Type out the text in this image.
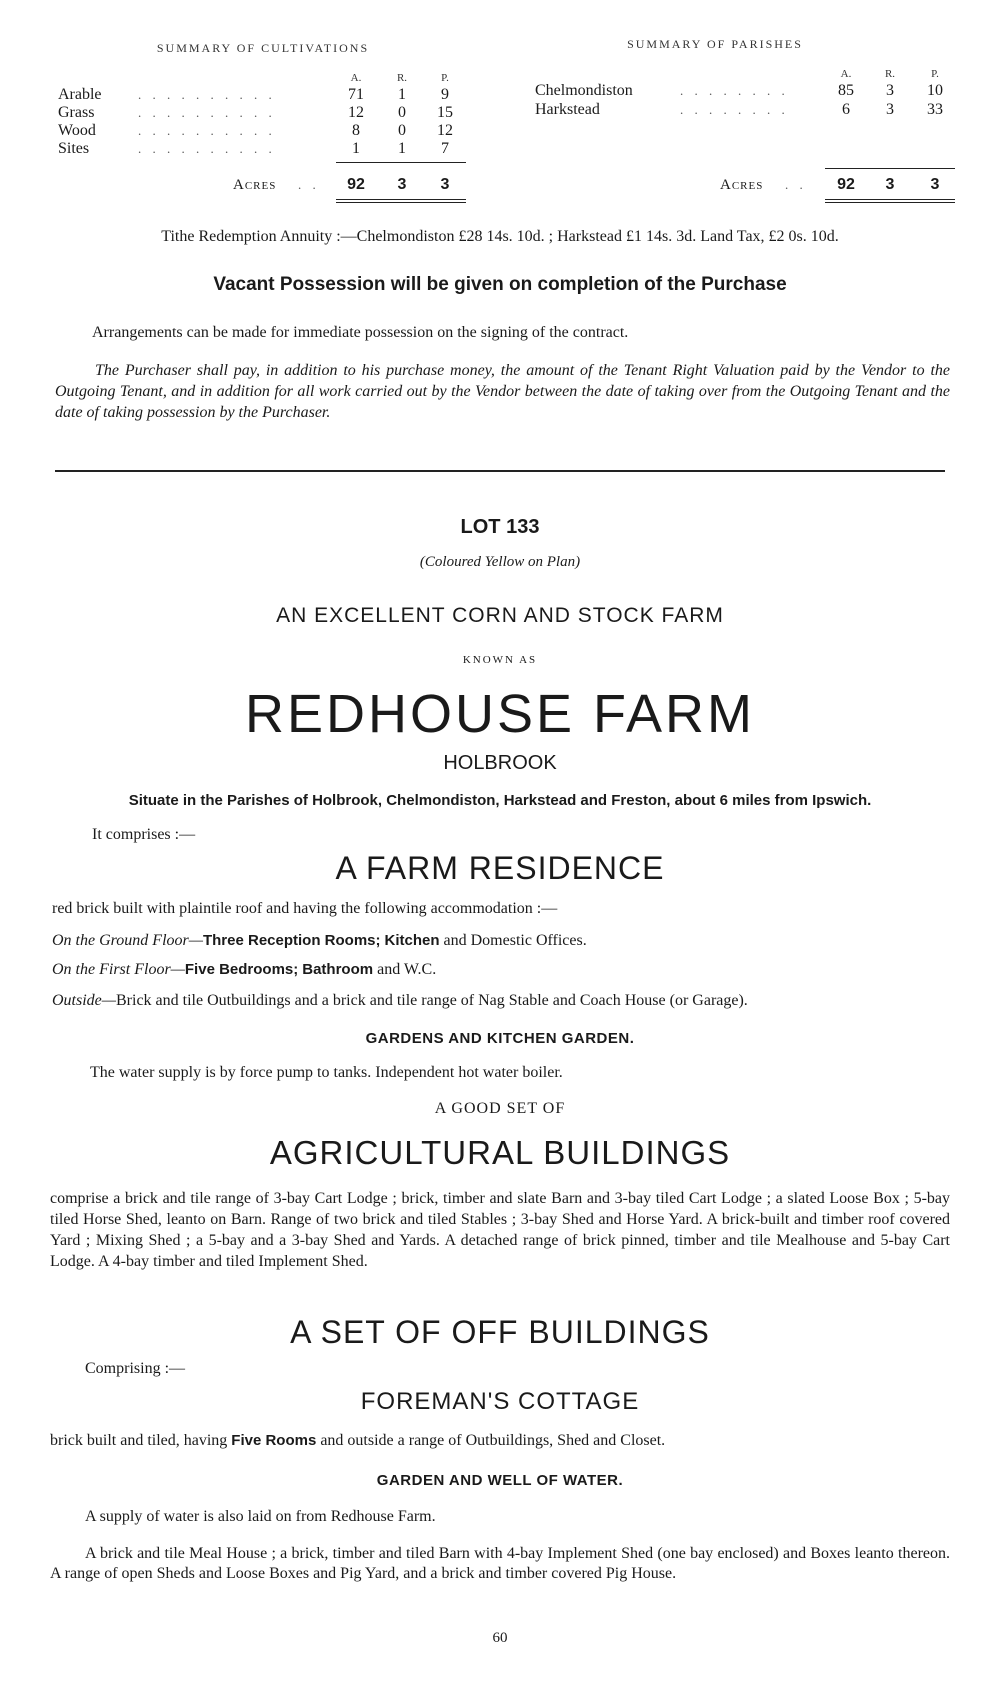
SUMMARY OF CULTIVATIONS
A.	R.	P.
Arable	. . . . . . . . . .	71	1	9
Grass	. . . . . . . . . .	12	0	15
Wood	. . . . . . . . . .	8	0	12
Sites	. . . . . . . . . .	1	1	7
Acres . .	92	3	3
SUMMARY OF PARISHES
A.	R.	P.
Chelmondiston	. . . . . . . .	85	3	10
Harkstead	. . . . . . . .	6	3	33
Acres . .	92	3	3
Tithe Redemption Annuity :—Chelmondiston £28 14s. 10d. ; Harkstead £1 14s. 3d. Land Tax, £2 0s. 10d.
Vacant Possession will be given on completion of the Purchase
Arrangements can be made for immediate possession on the signing of the contract.

The Purchaser shall pay, in addition to his purchase money, the amount of the Tenant Right Valuation paid by the Vendor to the Outgoing Tenant, and in addition for all work carried out by the Vendor between the date of taking over from the Outgoing Tenant and the date of taking possession by the Purchaser.

LOT 133
(Coloured Yellow on Plan)
AN EXCELLENT CORN AND STOCK FARM
KNOWN AS
REDHOUSE FARM
HOLBROOK
Situate in the Parishes of Holbrook, Chelmondiston, Harkstead and Freston, about 6 miles from Ipswich.
It comprises :—
A FARM RESIDENCE
red brick built with plaintile roof and having the following accommodation :—
On the Ground Floor—Three Reception Rooms; Kitchen and Domestic Offices.
On the First Floor—Five Bedrooms; Bathroom and W.C.
Outside—Brick and tile Outbuildings and a brick and tile range of Nag Stable and Coach House (or Garage).
GARDENS AND KITCHEN GARDEN.
The water supply is by force pump to tanks. Independent hot water boiler.
A GOOD SET OF
AGRICULTURAL BUILDINGS

comprise a brick and tile range of 3-bay Cart Lodge ; brick, timber and slate Barn and 3-bay tiled Cart Lodge ; a slated Loose Box ; 5-bay tiled Horse Shed, leanto on Barn. Range of two brick and tiled Stables ; 3-bay Shed and Horse Yard. A brick-built and timber roof covered Yard ; Mixing Shed ; a 5-bay and a 3-bay Shed and Yards. A detached range of brick pinned, timber and tile Mealhouse and 5-bay Cart Lodge. A 4-bay timber and tiled Implement Shed.

A SET OF OFF BUILDINGS
Comprising :—
FOREMAN'S COTTAGE
brick built and tiled, having Five Rooms and outside a range of Outbuildings, Shed and Closet.
GARDEN AND WELL OF WATER.
A supply of water is also laid on from Redhouse Farm.

A brick and tile Meal House ; a brick, timber and tiled Barn with 4-bay Implement Shed (one bay enclosed) and Boxes leanto thereon. A range of open Sheds and Loose Boxes and Pig Yard, and a brick and timber covered Pig House.

60
